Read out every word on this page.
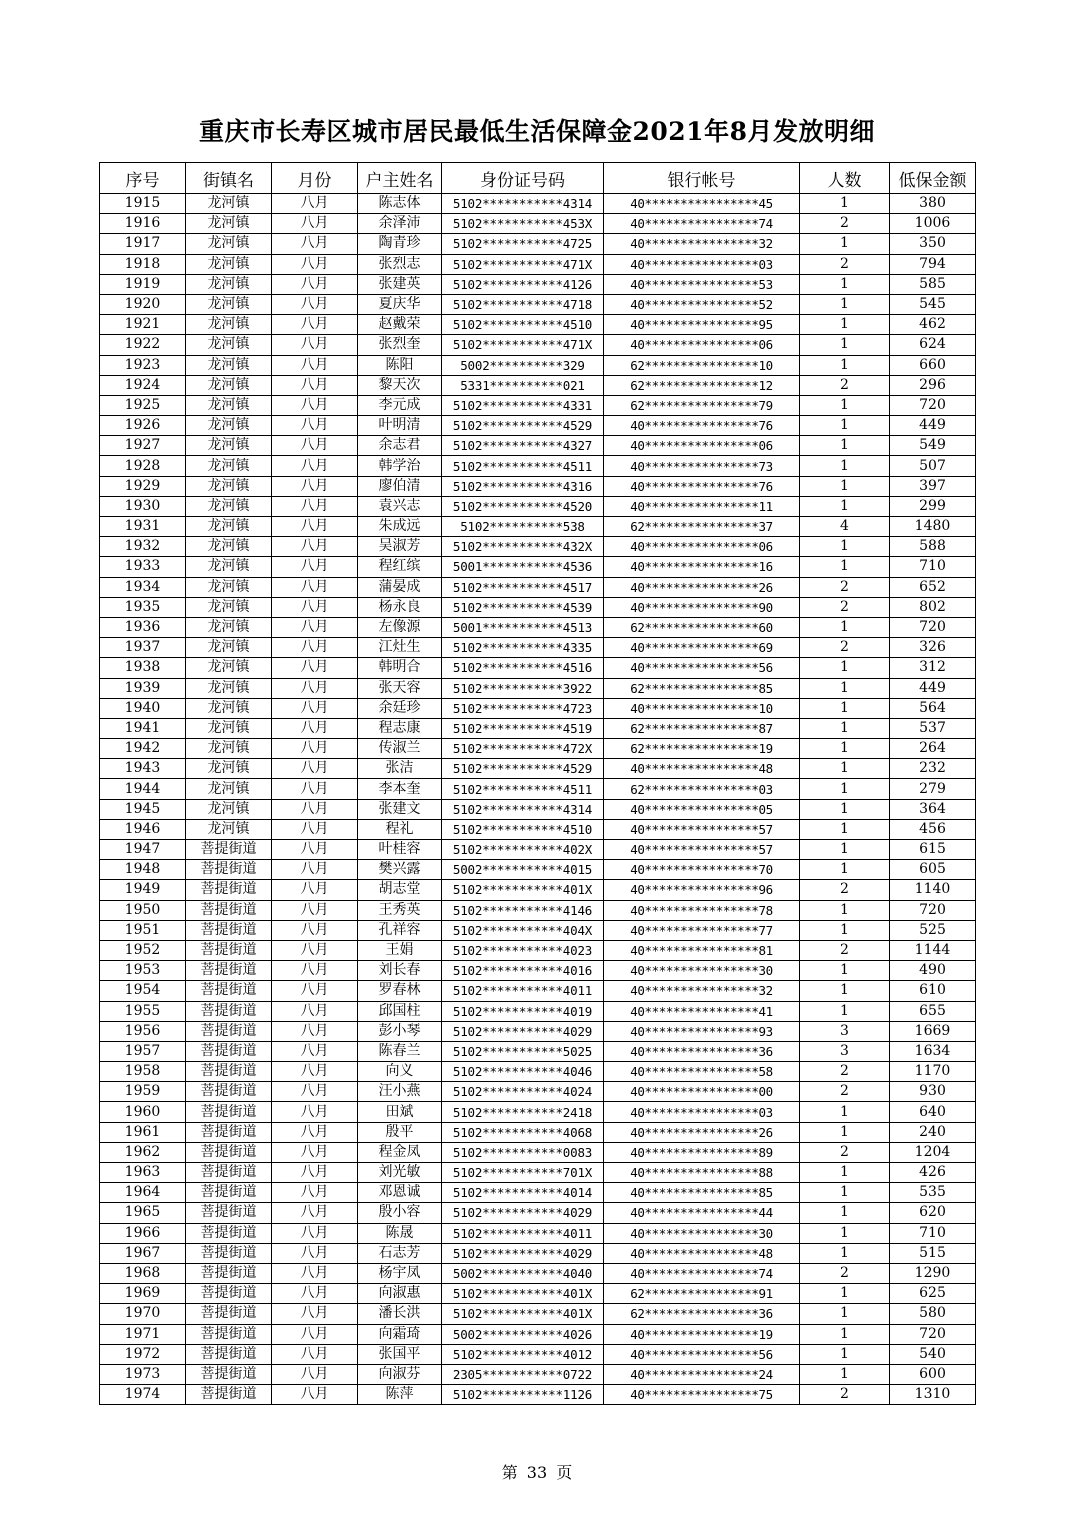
重庆市长寿区城市居民最低生活保障金2021年8月发放明细
序号	街镇名	月份	户主姓名	身份证号码	银行帐号	人数	低保金额
1915	龙河镇	八月	陈志体	5102***********4314	40****************45	1	380
1916	龙河镇	八月	余泽沛	5102***********453X	40****************74	2	1006
1917	龙河镇	八月	陶青珍	5102***********4725	40****************32	1	350
1918	龙河镇	八月	张烈志	5102***********471X	40****************03	2	794
1919	龙河镇	八月	张建英	5102***********4126	40****************53	1	585
1920	龙河镇	八月	夏庆华	5102***********4718	40****************52	1	545
1921	龙河镇	八月	赵戴荣	5102***********4510	40****************95	1	462
1922	龙河镇	八月	张烈奎	5102***********471X	40****************06	1	624
1923	龙河镇	八月	陈阳	5002**********329	62****************10	1	660
1924	龙河镇	八月	黎天次	5331**********021	62****************12	2	296
1925	龙河镇	八月	李元成	5102***********4331	62****************79	1	720
1926	龙河镇	八月	叶明清	5102***********4529	40****************76	1	449
1927	龙河镇	八月	余志君	5102***********4327	40****************06	1	549
1928	龙河镇	八月	韩学治	5102***********4511	40****************73	1	507
1929	龙河镇	八月	廖伯清	5102***********4316	40****************76	1	397
1930	龙河镇	八月	袁兴志	5102***********4520	40****************11	1	299
1931	龙河镇	八月	朱成远	5102**********538	62****************37	4	1480
1932	龙河镇	八月	吴淑芳	5102***********432X	40****************06	1	588
1933	龙河镇	八月	程红缤	5001***********4536	40****************16	1	710
1934	龙河镇	八月	蒲晏成	5102***********4517	40****************26	2	652
1935	龙河镇	八月	杨永良	5102***********4539	40****************90	2	802
1936	龙河镇	八月	左像源	5001***********4513	62****************60	1	720
1937	龙河镇	八月	江灶生	5102***********4335	40****************69	2	326
1938	龙河镇	八月	韩明合	5102***********4516	40****************56	1	312
1939	龙河镇	八月	张天容	5102***********3922	62****************85	1	449
1940	龙河镇	八月	余廷珍	5102***********4723	40****************10	1	564
1941	龙河镇	八月	程志康	5102***********4519	62****************87	1	537
1942	龙河镇	八月	传淑兰	5102***********472X	62****************19	1	264
1943	龙河镇	八月	张洁	5102***********4529	40****************48	1	232
1944	龙河镇	八月	李本奎	5102***********4511	62****************03	1	279
1945	龙河镇	八月	张建文	5102***********4314	40****************05	1	364
1946	龙河镇	八月	程礼	5102***********4510	40****************57	1	456
1947	菩提街道	八月	叶桂容	5102***********402X	40****************57	1	615
1948	菩提街道	八月	樊兴露	5002***********4015	40****************70	1	605
1949	菩提街道	八月	胡志堂	5102***********401X	40****************96	2	1140
1950	菩提街道	八月	王秀英	5102***********4146	40****************78	1	720
1951	菩提街道	八月	孔祥容	5102***********404X	40****************77	1	525
1952	菩提街道	八月	王娟	5102***********4023	40****************81	2	1144
1953	菩提街道	八月	刘长春	5102***********4016	40****************30	1	490
1954	菩提街道	八月	罗春林	5102***********4011	40****************32	1	610
1955	菩提街道	八月	邱国柱	5102***********4019	40****************41	1	655
1956	菩提街道	八月	彭小琴	5102***********4029	40****************93	3	1669
1957	菩提街道	八月	陈春兰	5102***********5025	40****************36	3	1634
1958	菩提街道	八月	向义	5102***********4046	40****************58	2	1170
1959	菩提街道	八月	汪小燕	5102***********4024	40****************00	2	930
1960	菩提街道	八月	田斌	5102***********2418	40****************03	1	640
1961	菩提街道	八月	殷平	5102***********4068	40****************26	1	240
1962	菩提街道	八月	程金凤	5102***********0083	40****************89	2	1204
1963	菩提街道	八月	刘光敏	5102***********701X	40****************88	1	426
1964	菩提街道	八月	邓恩诚	5102***********4014	40****************85	1	535
1965	菩提街道	八月	殷小容	5102***********4029	40****************44	1	620
1966	菩提街道	八月	陈晟	5102***********4011	40****************30	1	710
1967	菩提街道	八月	石志芳	5102***********4029	40****************48	1	515
1968	菩提街道	八月	杨宇凤	5002***********4040	40****************74	2	1290
1969	菩提街道	八月	向淑惠	5102***********401X	62****************91	1	625
1970	菩提街道	八月	潘长洪	5102***********401X	62****************36	1	580
1971	菩提街道	八月	向霜琦	5002***********4026	40****************19	1	720
1972	菩提街道	八月	张国平	5102***********4012	40****************56	1	540
1973	菩提街道	八月	向淑芬	2305***********0722	40****************24	1	600
1974	菩提街道	八月	陈萍	5102***********1126	40****************75	2	1310
第 33 页
